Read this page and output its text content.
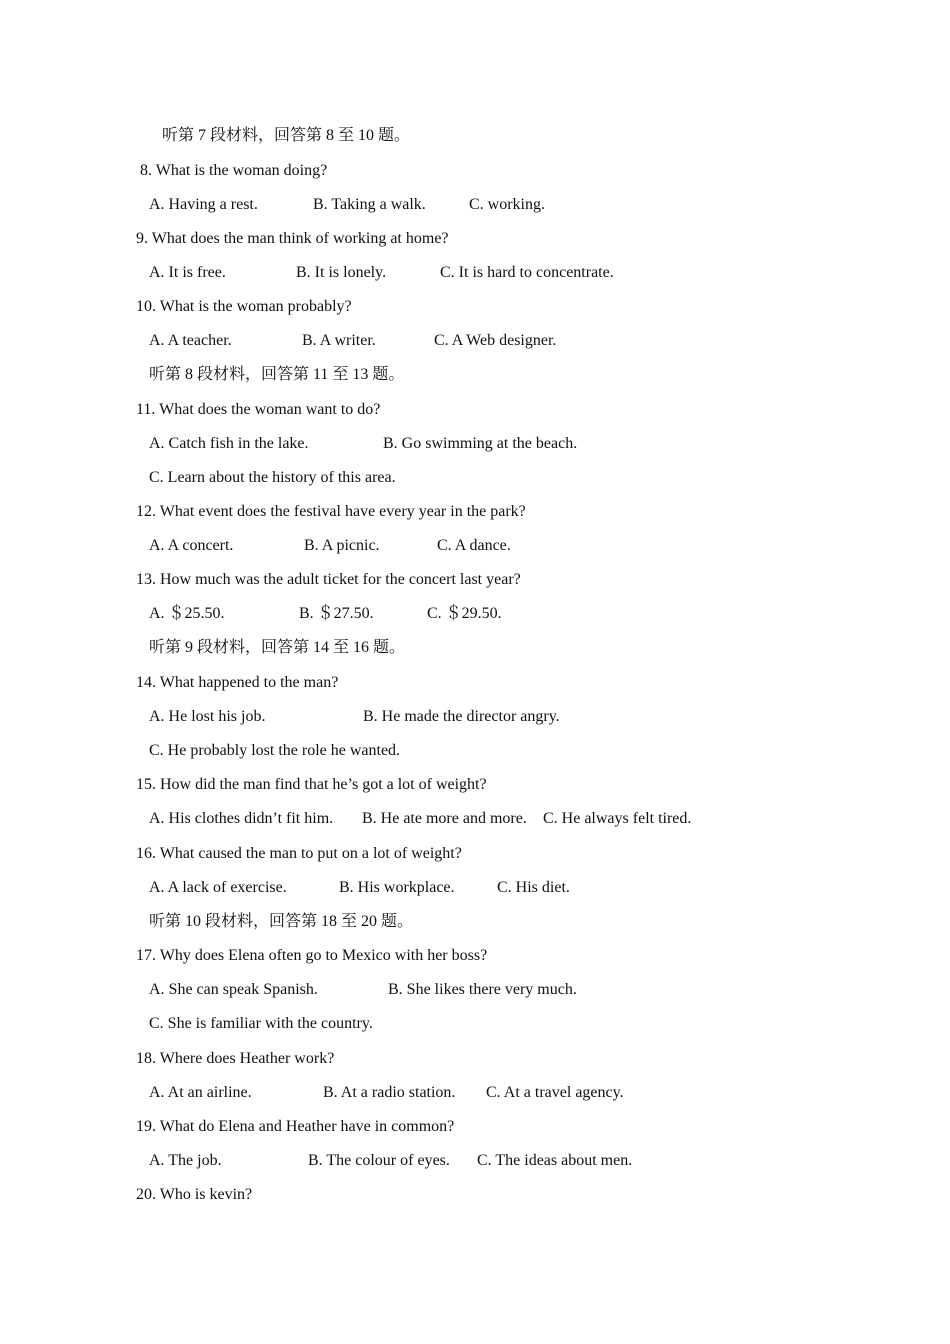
听第 7 段材料，回答第 8 至 10 题。
8. What is the woman doing?
A. Having a rest.	B. Taking a walk.	C. working.
9. What does the man think of working at home?
A. It is free.	B. It is lonely.	C. It is hard to concentrate.
10. What is the woman probably?
A. A teacher.	B. A writer.	C. A Web designer.
听第 8 段材料，回答第 11 至 13 题。
11. What does the woman want to do?
A. Catch fish in the lake.	B. Go swimming at the beach.
C. Learn about the history of this area.
12. What event does the festival have every year in the park?
A. A concert.	B. A picnic.	C. A dance.
13. How much was the adult ticket for the concert last year?
A. ＄25.50.	B. ＄27.50.	C. ＄29.50.
听第 9 段材料，回答第 14 至 16 题。
14. What happened to the man?
A. He lost his job.	B. He made the director angry.
C. He probably lost the role he wanted.
15. How did the man find that he’s got a lot of weight?
A. His clothes didn’t fit him. B. He ate more and more. C. He always felt tired.
16. What caused the man to put on a lot of weight?
A. A lack of exercise.	B. His workplace.	C. His diet.
听第 10 段材料，回答第 18 至 20 题。
17. Why does Elena often go to Mexico with her boss?
A. She can speak Spanish.	B. She likes there very much.
C. She is familiar with the country.
18. Where does Heather work?
A. At an airline.	B. At a radio station. C. At a travel agency.
19. What do Elena and Heather have in common?
A. The job.	B. The colour of eyes. C. The ideas about men.
20. Who is kevin?
